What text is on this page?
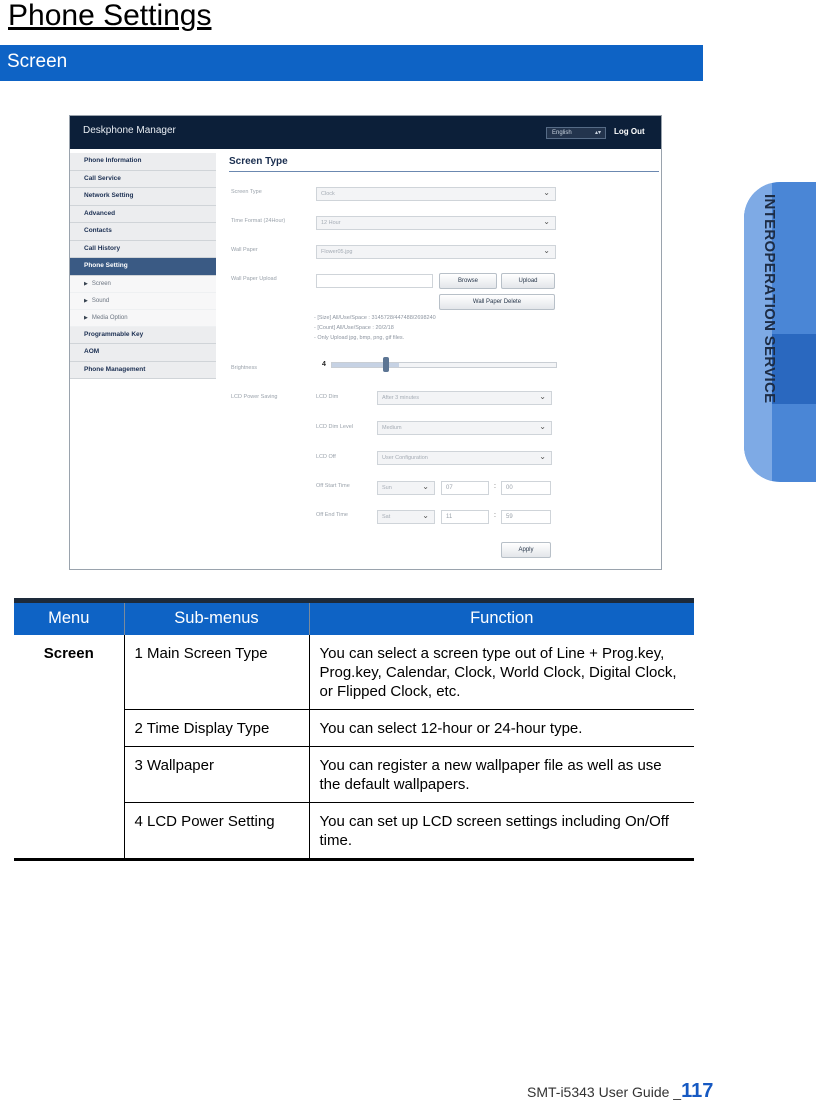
Phone Settings
Screen
INTEROPERATION SERVICE
Deskphone Manager	English	▴▾ Log Out
Phone Information
Call Service
Network Setting
Advanced
Contacts
Call History
Phone Setting
▶ Screen
▶ Sound
▶ Media Option
Programmable Key
AOM
Phone Management
Screen Type
Screen Type	Clock	⌄
Time Format (24Hour)	12 Hour	⌄
Wall Paper	Flower05.jpg	⌄
Wall Paper Upload	Browse	Upload
Wall Paper Delete
- [Size] All/Use/Space : 3145728/447488/2698240
- [Count] All/Use/Space : 20/2/18
- Only Upload jpg, bmp, png, gif files.
Brightness	4
LCD Power Saving	LCD Dim	After 3 minutes	⌄
LCD Dim Level	Medium	⌄
LCD Off	User Configuration	⌄
Off Start Time	Sun	⌄	07	:	00
Off End Time	Sat	⌄	11	:	59
Apply
Menu	Sub-menus	Function
Screen	1 Main Screen Type	You can select a screen type out of Line + Prog.key, Prog.key, Calendar, Clock, World Clock, Digital Clock, or Flipped Clock, etc.
	2 Time Display Type	You can select 12-hour or 24-hour type.
	3 Wallpaper	You can register a new wallpaper file as well as use the default wallpapers.
	4 LCD Power Setting	You can set up LCD screen settings including On/Off time.
SMT-i5343 User Guide _117
